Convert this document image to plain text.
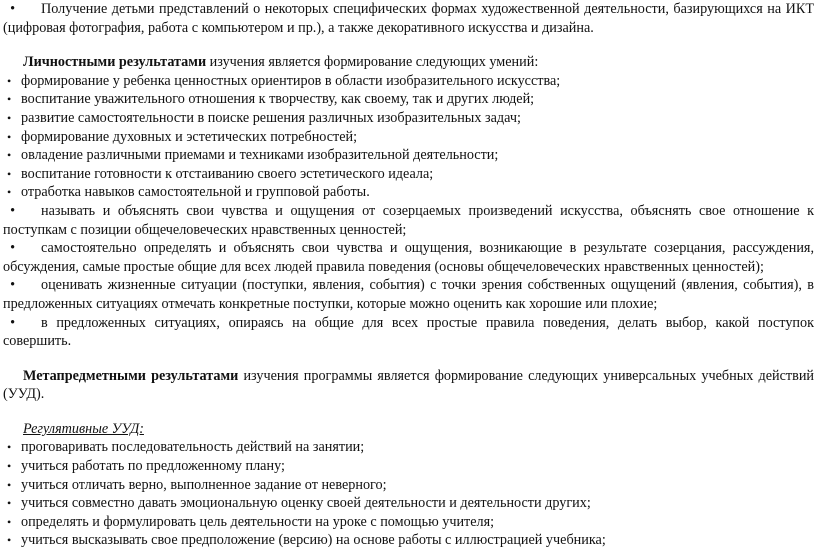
• Получение детьми представлений о некоторых специфических формах художественной деятельности, базирующихся на ИКТ (цифровая фотография, работа с компьютером и пр.), а также декоративного искусства и дизайна.

Личностными результатами изучения является формирование следующих умений:

• формирование у ребенка ценностных ориентиров в области изобразительного искусства;

• воспитание уважительного отношения к творчеству, как своему, так и других людей;

• развитие самостоятельности в поиске решения различных изобразительных задач;

• формирование духовных и эстетических потребностей;

• овладение различными приемами и техниками изобразительной деятельности;

• воспитание готовности к отстаиванию своего эстетического идеала;

• отработка навыков самостоятельной и групповой работы.

• называть и объяснять свои чувства и ощущения от созерцаемых произведений искусства, объяснять свое отношение к поступкам с позиции общечеловеческих нравственных ценностей;

• самостоятельно определять и объяснять свои чувства и ощущения, возникающие в результате созерцания, рассуждения, обсуждения, самые простые общие для всех людей правила поведения (основы общечеловеческих нравственных ценностей);

• оценивать жизненные ситуации (поступки, явления, события) с точки зрения собственных ощущений (явления, события), в предложенных ситуациях отмечать конкретные поступки, которые можно оценить как хорошие или плохие;

• в предложенных ситуациях, опираясь на общие для всех простые правила поведения, делать выбор, какой поступок совершить.

Метапредметными результатами изучения программы является формирование следующих универсальных учебных действий (УУД).

Регулятивные УУД:

• проговаривать последовательность действий на занятии;

• учиться работать по предложенному плану;

• учиться отличать верно, выполненное задание от неверного;

• учиться совместно давать эмоциональную оценку своей деятельности и деятельности других;

• определять и формулировать цель деятельности на уроке с помощью учителя;

• учиться высказывать свое предположение (версию) на основе работы с иллюстрацией учебника;
